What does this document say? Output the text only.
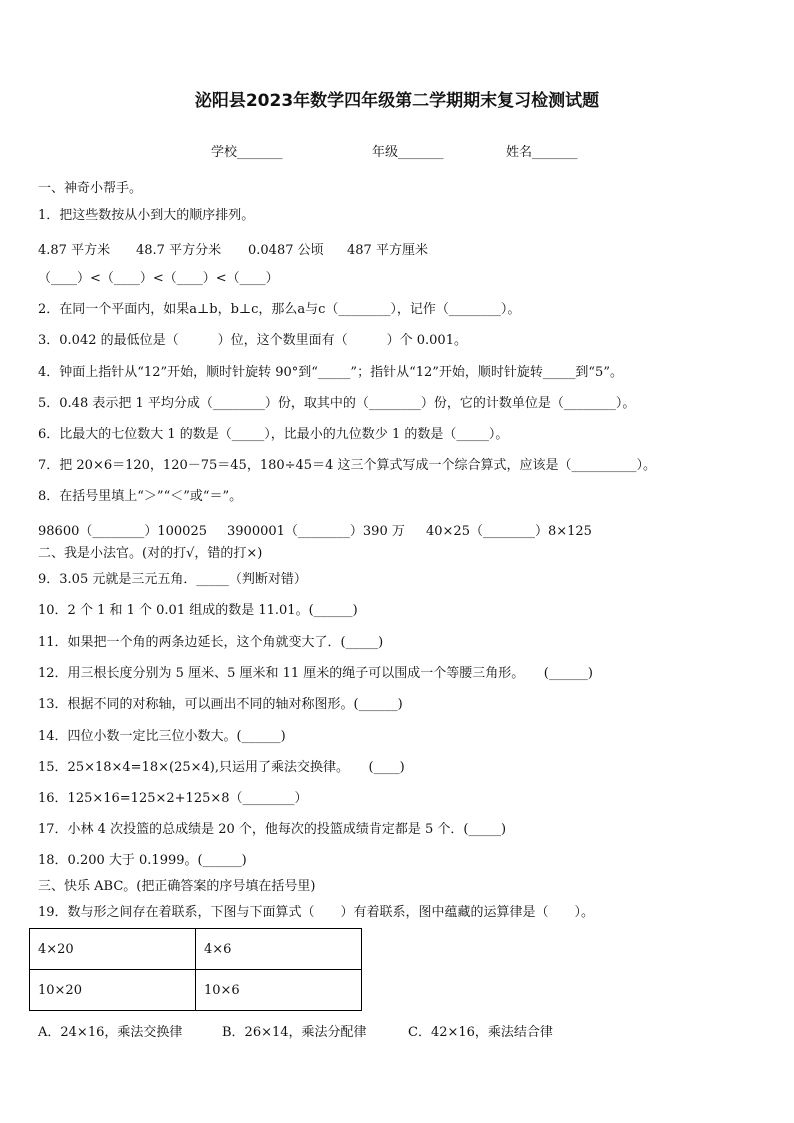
泌阳县2023年数学四年级第二学期期末复习检测试题
学校_______	年级_______	姓名_______
一、神奇小帮手。
1．把这些数按从小到大的顺序排列。
4.87 平方米 48.7 平方分米 0.0487 公顷 487 平方厘米
（____）<（____）<（____）<（____）
2．在同一个平面内，如果a⊥b，b⊥c，那么a与c（________），记作（________）。
3．0.042 的最低位是（　　　）位，这个数里面有（　　　）个 0.001。
4．钟面上指针从“12”开始，顺时针旋转 90°到“_____”；指针从“12”开始，顺时针旋转_____到“5”。
5．0.48 表示把 1 平均分成（________）份，取其中的（________）份，它的计数单位是（________）。
6．比最大的七位数大 1 的数是（_____），比最小的九位数少 1 的数是（_____）。
7．把 20×6＝120，120－75＝45，180÷45＝4 这三个算式写成一个综合算式，应该是（__________）。
8．在括号里填上“＞”“＜”或“＝”。
98600（________）100025 3900001（________）390 万 40×25（________）8×125
二、我是小法官。(对的打√，错的打×)
9．3.05 元就是三元五角．_____（判断对错）
10．2 个 1 和 1 个 0.01 组成的数是 11.01。(______)
11．如果把一个角的两条边延长，这个角就变大了．(_____)
12．用三根长度分别为 5 厘米、5 厘米和 11 厘米的绳子可以围成一个等腰三角形。　　(______)
13．根据不同的对称轴，可以画出不同的轴对称图形。(______)
14．四位小数一定比三位小数大。(______)
15．25×18×4=18×(25×4),只运用了乘法交换律。　　(____)
16．125×16=125×2+125×8（________）
17．小林 4 次投篮的总成绩是 20 个，他每次的投篮成绩肯定都是 5 个．(_____)
18．0.200 大于 0.1999。(______)
三、快乐 ABC。(把正确答案的序号填在括号里)
19．数与形之间存在着联系，下图与下面算式（　　）有着联系，图中蕴藏的运算律是（　　）。
4×20	4×6
10×20	10×6
A．24×16，乘法交换律	B．26×14，乘法分配律	C．42×16，乘法结合律
